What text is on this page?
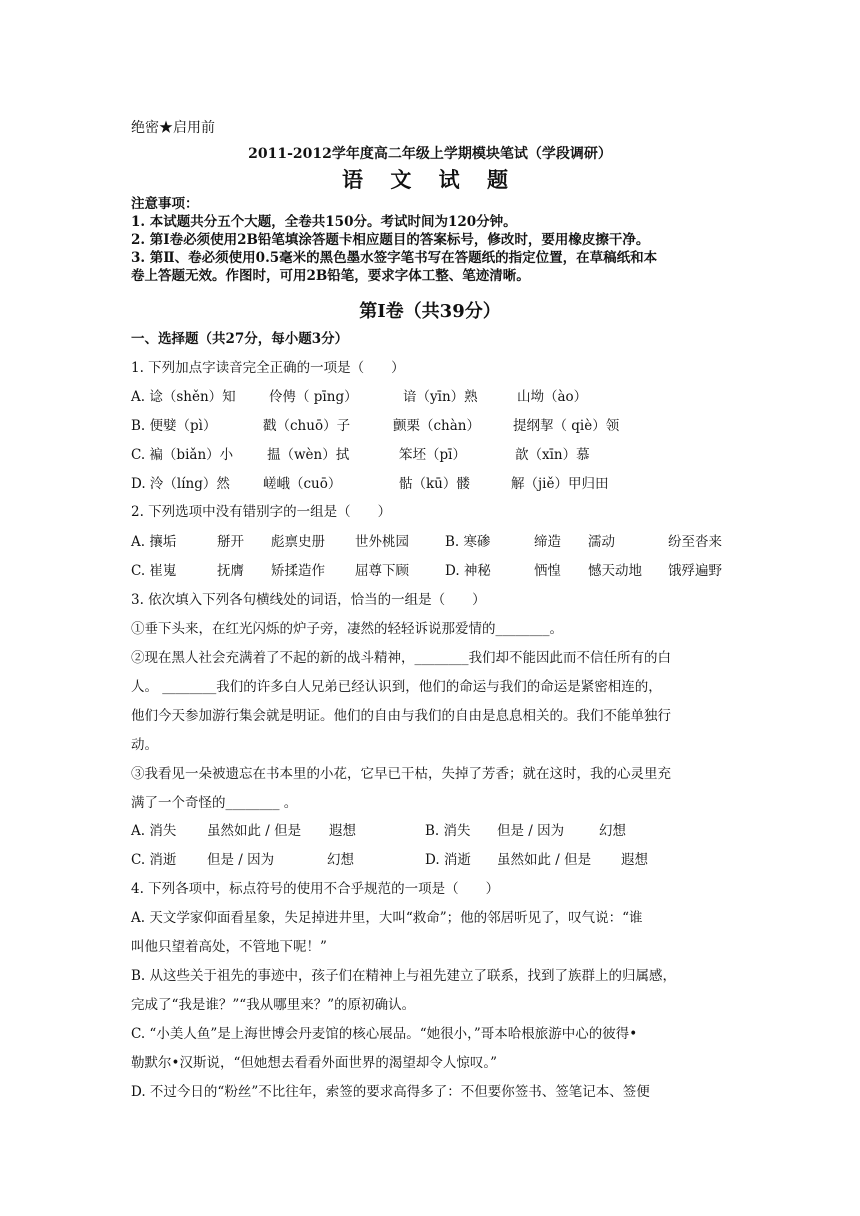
绝密★启用前
2011-2012学年度高二年级上学期模块笔试（学段调研）
语 文 试 题
注意事项：
1. 本试题共分五个大题，全卷共150分。考试时间为120分钟。
2. 第Ⅰ卷必须使用2B铅笔填涂答题卡相应题目的答案标号，修改时，要用橡皮擦干净。
3. 第Ⅱ、卷必须使用0.5毫米的黑色墨水签字笔书写在答题纸的指定位置，在草稿纸和本
卷上答题无效。作图时，可用2B铅笔，要求字体工整、笔迹清晰。
第Ⅰ卷（共39分）
一、选择题（共27分，每小题3分）
1. 下列加点字读音完全正确的一项是（　　）
A. 谂（shěn）知 伶俜（ pīng）	谙（yīn）熟	山坳（ào）
B. 便嬖（pì）	戳（chuō）子	颤栗（chàn） 提纲挈（ qiè）领
C. 褊（biǎn）小	揾（wèn）拭	笨坯（pī）	歆（xīn）慕
D. 泠（líng）然 嵯峨（cuō）	骷（kū）髅	解（jiě）甲归田
2. 下列选项中没有错别字的一组是（　　）
A. 攘垢	掰开 彪禀史册 世外桃园	B. 寒碜	缔造 濡动	纷至沓来
C. 崔嵬	抚膺 矫揉造作 屈尊下顾	D. 神秘	恓惶 憾天动地 饿殍遍野
3. 依次填入下列各句横线处的词语，恰当的一组是（　　）
①垂下头来，在红光闪烁的炉子旁，凄然的轻轻诉说那爱情的________。
②现在黑人社会充满着了不起的新的战斗精神，________我们却不能因此而不信任所有的白
人。 ________我们的许多白人兄弟已经认识到，他们的命运与我们的命运是紧密相连的，
他们今天参加游行集会就是明证。他们的自由与我们的自由是息息相关的。我们不能单独行
动。
③我看见一朵被遗忘在书本里的小花，它早已干枯，失掉了芳香；就在这时，我的心灵里充
满了一个奇怪的________ 。
A. 消失 虽然如此 / 但是 遐想	B. 消失 但是 / 因为	幻想
C. 消逝 但是 / 因为	幻想	D. 消逝 虽然如此 / 但是 遐想
4. 下列各项中，标点符号的使用不合乎规范的一项是（　　）
A. 天文学家仰面看星象，失足掉进井里，大叫“救命”；他的邻居听见了，叹气说：“谁
叫他只望着高处，不管地下呢！”
B. 从这些关于祖先的事迹中，孩子们在精神上与祖先建立了联系，找到了族群上的归属感，
完成了“我是谁？”“我从哪里来？”的原初确认。
C. “小美人鱼”是上海世博会丹麦馆的核心展品。“她很小，”哥本哈根旅游中心的彼得•
勒默尔•汉斯说，“但她想去看看外面世界的渴望却令人惊叹。”
D. 不过今日的“粉丝”不比往年，索签的要求高得多了：不但要你签书、签笔记本、签便
